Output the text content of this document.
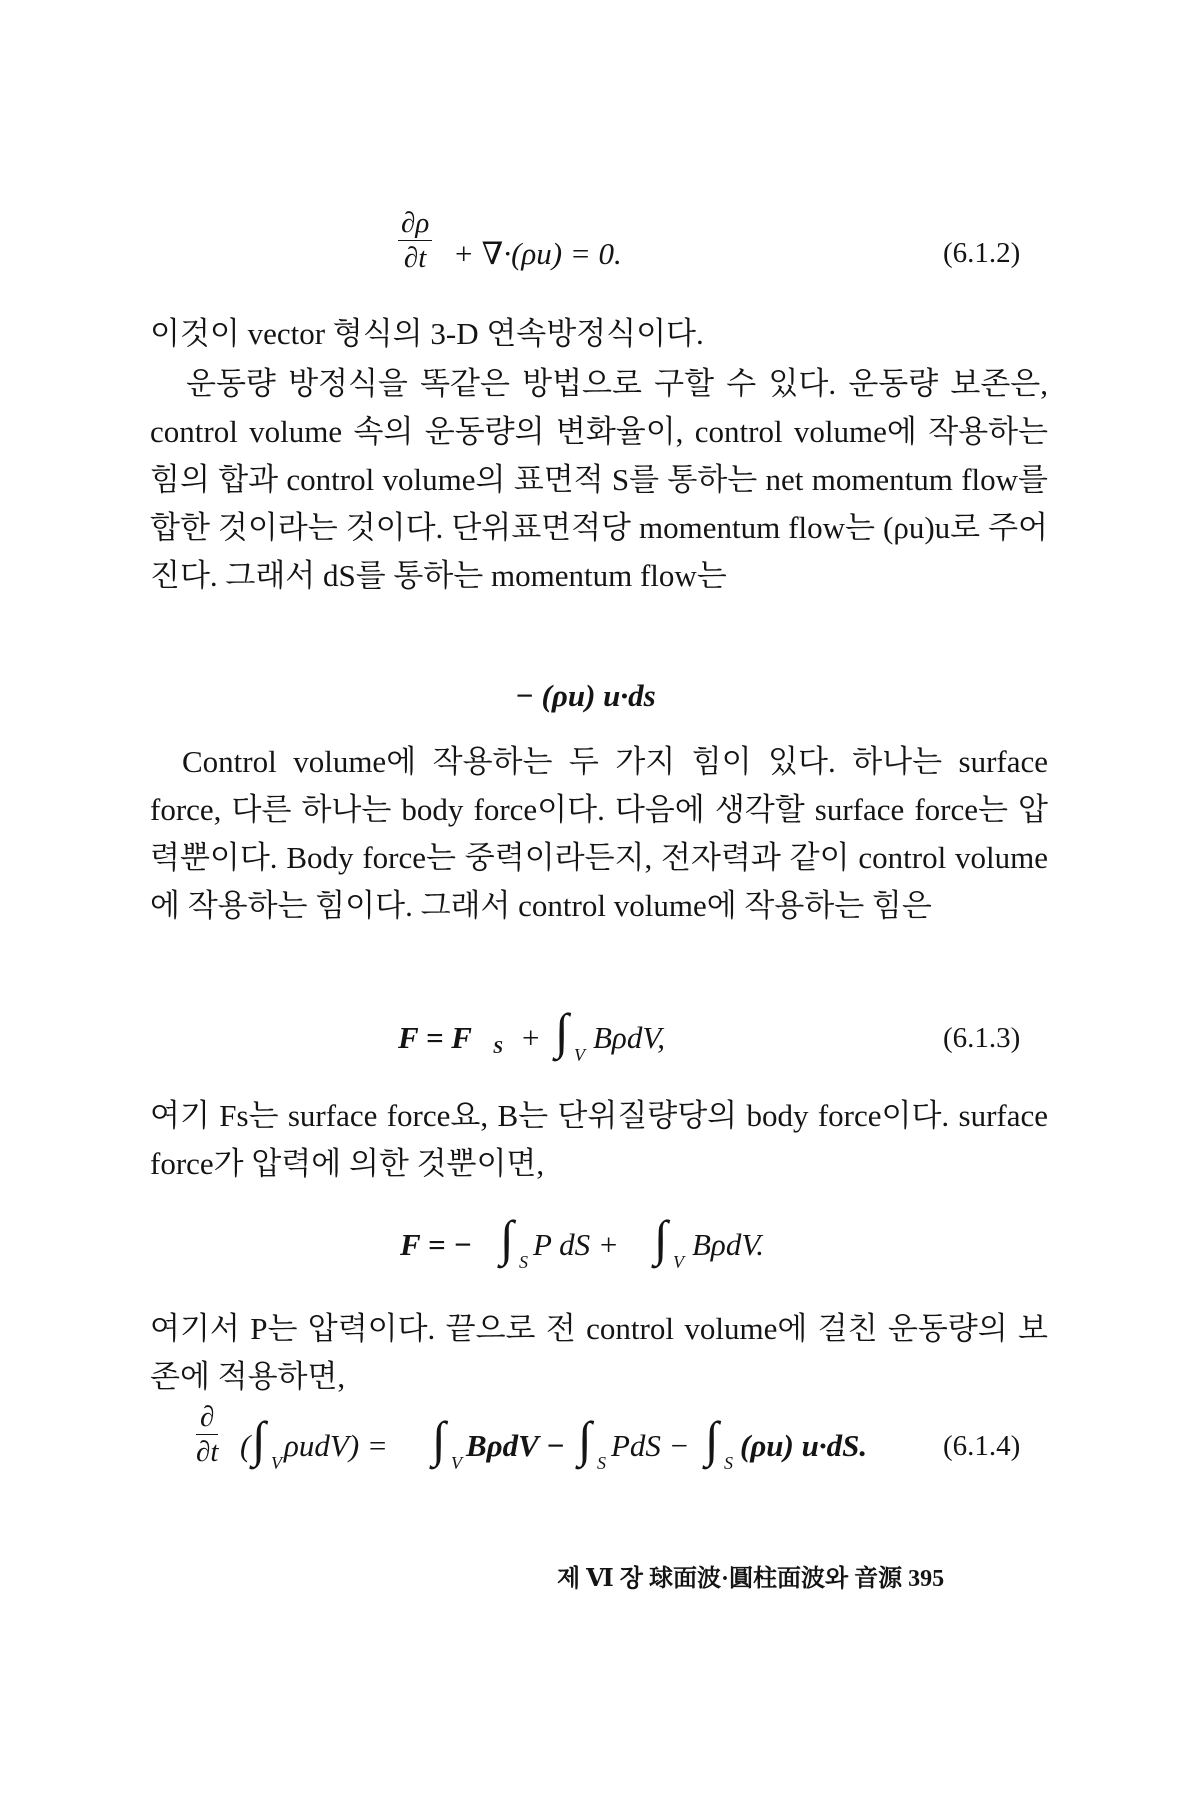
$\frac{\partial\rho}{\partial t} + \nabla\cdot(\rho u) = 0$.	(6.1.2)
이것이 vector 형식의 3-D 연속방정식이다.
운동량 방정식을 똑같은 방법으로 구할 수 있다. 운동량 보존은, control volume 속의 운동량의 변화율이, control volume에 작용하는 힘의 합과 control volume의 표면적 S를 통하는 net momentum flow를 합한 것이라는 것이다. 단위표면적당 momentum flow는 (ρu)u로 주어진다. 그래서 dS를 통하는 momentum flow는
− (ρu) u·ds
Control volume에 작용하는 두 가지 힘이 있다. 하나는 surface force, 다른 하나는 body force이다. 다음에 생각할 surface force는 압력뿐이다. Body force는 중력이라든지, 전자력과 같이 control volume에 작용하는 힘이다. 그래서 control volume에 작용하는 힘은
F = F S + ∫ V BρdV,	(6.1.3)
여기 Fs는 surface force요, B는 단위질량당의 body force이다. surface force가 압력에 의한 것뿐이면,
F = − ∫ S P dS + ∫ V BρdV.
여기서 P는 압력이다. 끝으로 전 control volume에 걸친 운동량의 보존에 적용하면,
∂
∂t ( ∫ V ρudV) = ∫ V BρdV − ∫ S PdS − ∫ S (ρu) u·dS.	(6.1.4)
제 Ⅵ 장 球面波·圓柱面波와 音源 395
